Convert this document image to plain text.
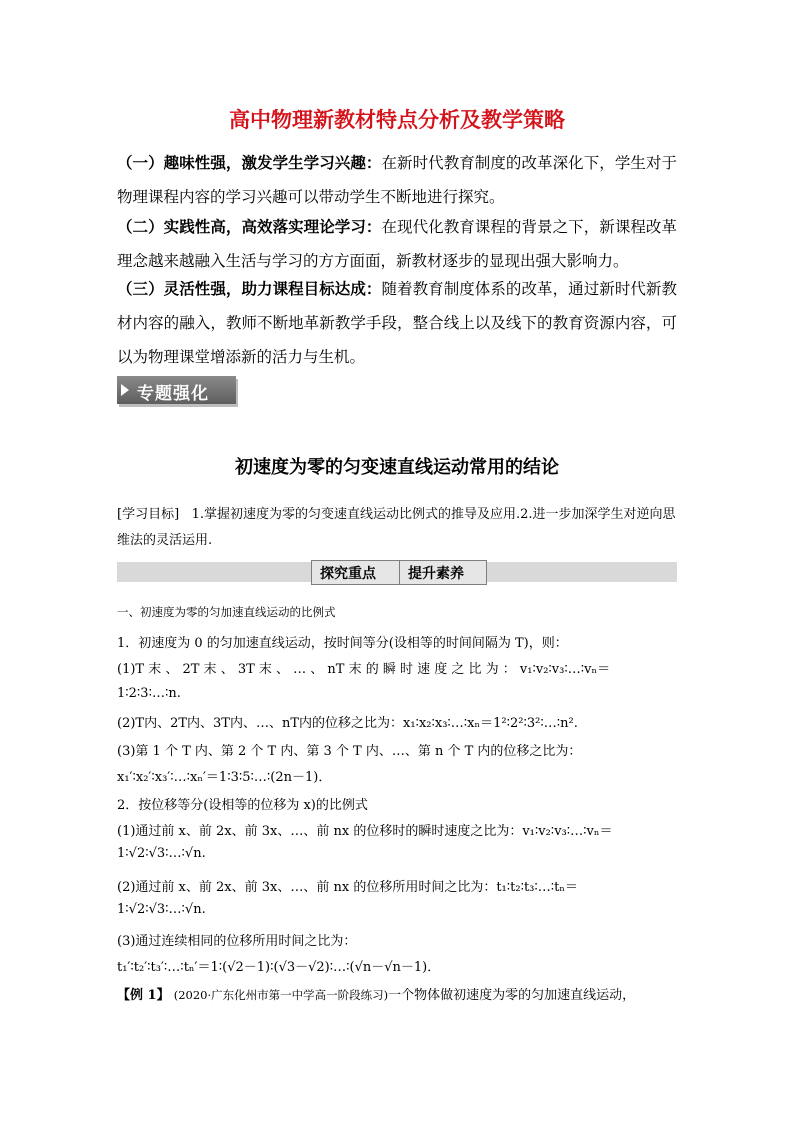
高中物理新教材特点分析及教学策略
（一）趣味性强，激发学生学习兴趣：在新时代教育制度的改革深化下，学生对于物理课程内容的学习兴趣可以带动学生不断地进行探究。
（二）实践性高，高效落实理论学习：在现代化教育课程的背景之下，新课程改革理念越来越融入生活与学习的方方面面，新教材逐步的显现出强大影响力。
（三）灵活性强，助力课程目标达成：随着教育制度体系的改革，通过新时代新教材内容的融入，教师不断地革新教学手段，整合线上以及线下的教育资源内容，可以为物理课堂增添新的活力与生机。
专题强化
初速度为零的匀变速直线运动常用的结论
[学习目标] 1.掌握初速度为零的匀变速直线运动比例式的推导及应用.2.进一步加深学生对逆向思维法的灵活运用.
探究重点 提升素养
一、初速度为零的匀加速直线运动的比例式
1．初速度为 0 的匀加速直线运动，按时间等分(设相等的时间间隔为 T)，则：
(1)T 末 、 2T 末 、 3T 末 、 … 、 nT 末 的 瞬 时 速 度 之 比 为 ： v₁∶v₂∶v₃∶…∶vₙ＝
1∶2∶3∶…∶n.
(2)T内、2T内、3T内、…、nT内的位移之比为：x₁∶x₂∶x₃∶…∶xₙ＝1²∶2²∶3²∶…∶n².
(3)第 1 个 T 内、第 2 个 T 内、第 3 个 T 内、…、第 n 个 T 内的位移之比为：
x₁′∶x₂′∶x₃′∶…∶xₙ′＝1∶3∶5∶…∶(2n－1)．
2．按位移等分(设相等的位移为 x)的比例式
(1)通过前 x、前 2x、前 3x、…、前 nx 的位移时的瞬时速度之比为：v₁∶v₂∶v₃∶…∶vₙ＝
1∶√2∶√3∶…∶√n.
(2)通过前 x、前 2x、前 3x、…、前 nx 的位移所用时间之比为：t₁∶t₂∶t₃∶…∶tₙ＝
1∶√2∶√3∶…∶√n.
(3)通过连续相同的位移所用时间之比为：
t₁′∶t₂′∶t₃′∶…∶tₙ′＝1∶(√2－1)∶(√3－√2)∶…∶(√n－√n－1)．
【例 1】 (2020·广东化州市第一中学高一阶段练习)一个物体做初速度为零的匀加速直线运动，
